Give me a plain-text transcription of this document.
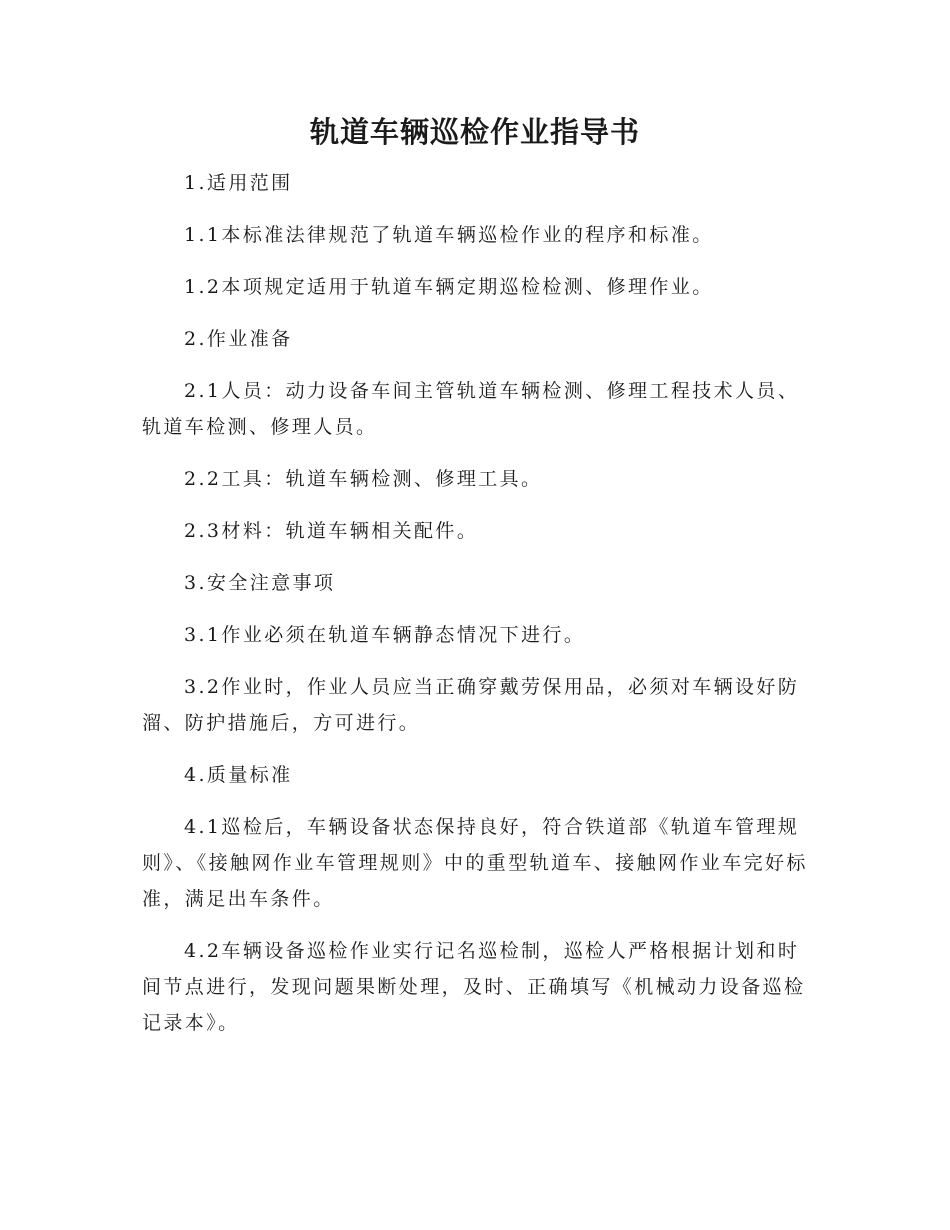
轨道车辆巡检作业指导书

1.适用范围

1.1本标准法律规范了轨道车辆巡检作业的程序和标准。

1.2本项规定适用于轨道车辆定期巡检检测、修理作业。

2.作业准备

2.1人员：动力设备车间主管轨道车辆检测、修理工程技术人员、轨道车检测、修理人员。

2.2工具：轨道车辆检测、修理工具。

2.3材料：轨道车辆相关配件。

3.安全注意事项

3.1作业必须在轨道车辆静态情况下进行。

3.2作业时，作业人员应当正确穿戴劳保用品，必须对车辆设好防溜、防护措施后，方可进行。

4.质量标准

4.1巡检后，车辆设备状态保持良好，符合铁道部《轨道车管理规则》、《接触网作业车管理规则》中的重型轨道车、接触网作业车完好标准，满足出车条件。

4.2车辆设备巡检作业实行记名巡检制，巡检人严格根据计划和时间节点进行，发现问题果断处理，及时、正确填写《机械动力设备巡检记录本》。
